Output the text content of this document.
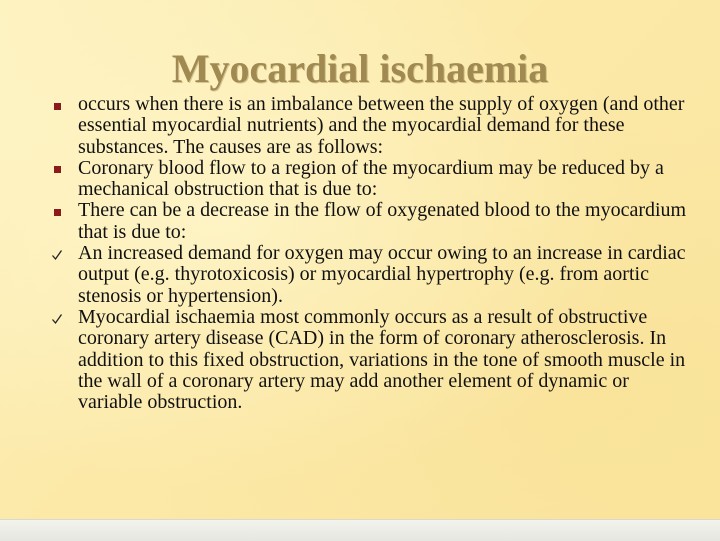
Myocardial ischaemia
occurs when there is an imbalance between the supply of oxygen (and other essential myocardial nutrients) and the myocardial demand for these substances. The causes are as follows:
Coronary blood flow to a region of the myocardium may be reduced by a mechanical obstruction that is due to:
There can be a decrease in the flow of oxygenated blood to the myocardium that is due to:
An increased demand for oxygen may occur owing to an increase in cardiac output (e.g. thyrotoxicosis) or myocardial hypertrophy (e.g. from aortic stenosis or hypertension).
Myocardial ischaemia most commonly occurs as a result of obstructive coronary artery disease (CAD) in the form of coronary atherosclerosis. In addition to this fixed obstruction, variations in the tone of smooth muscle in the wall of a coronary artery may add another element of dynamic or variable obstruction.
